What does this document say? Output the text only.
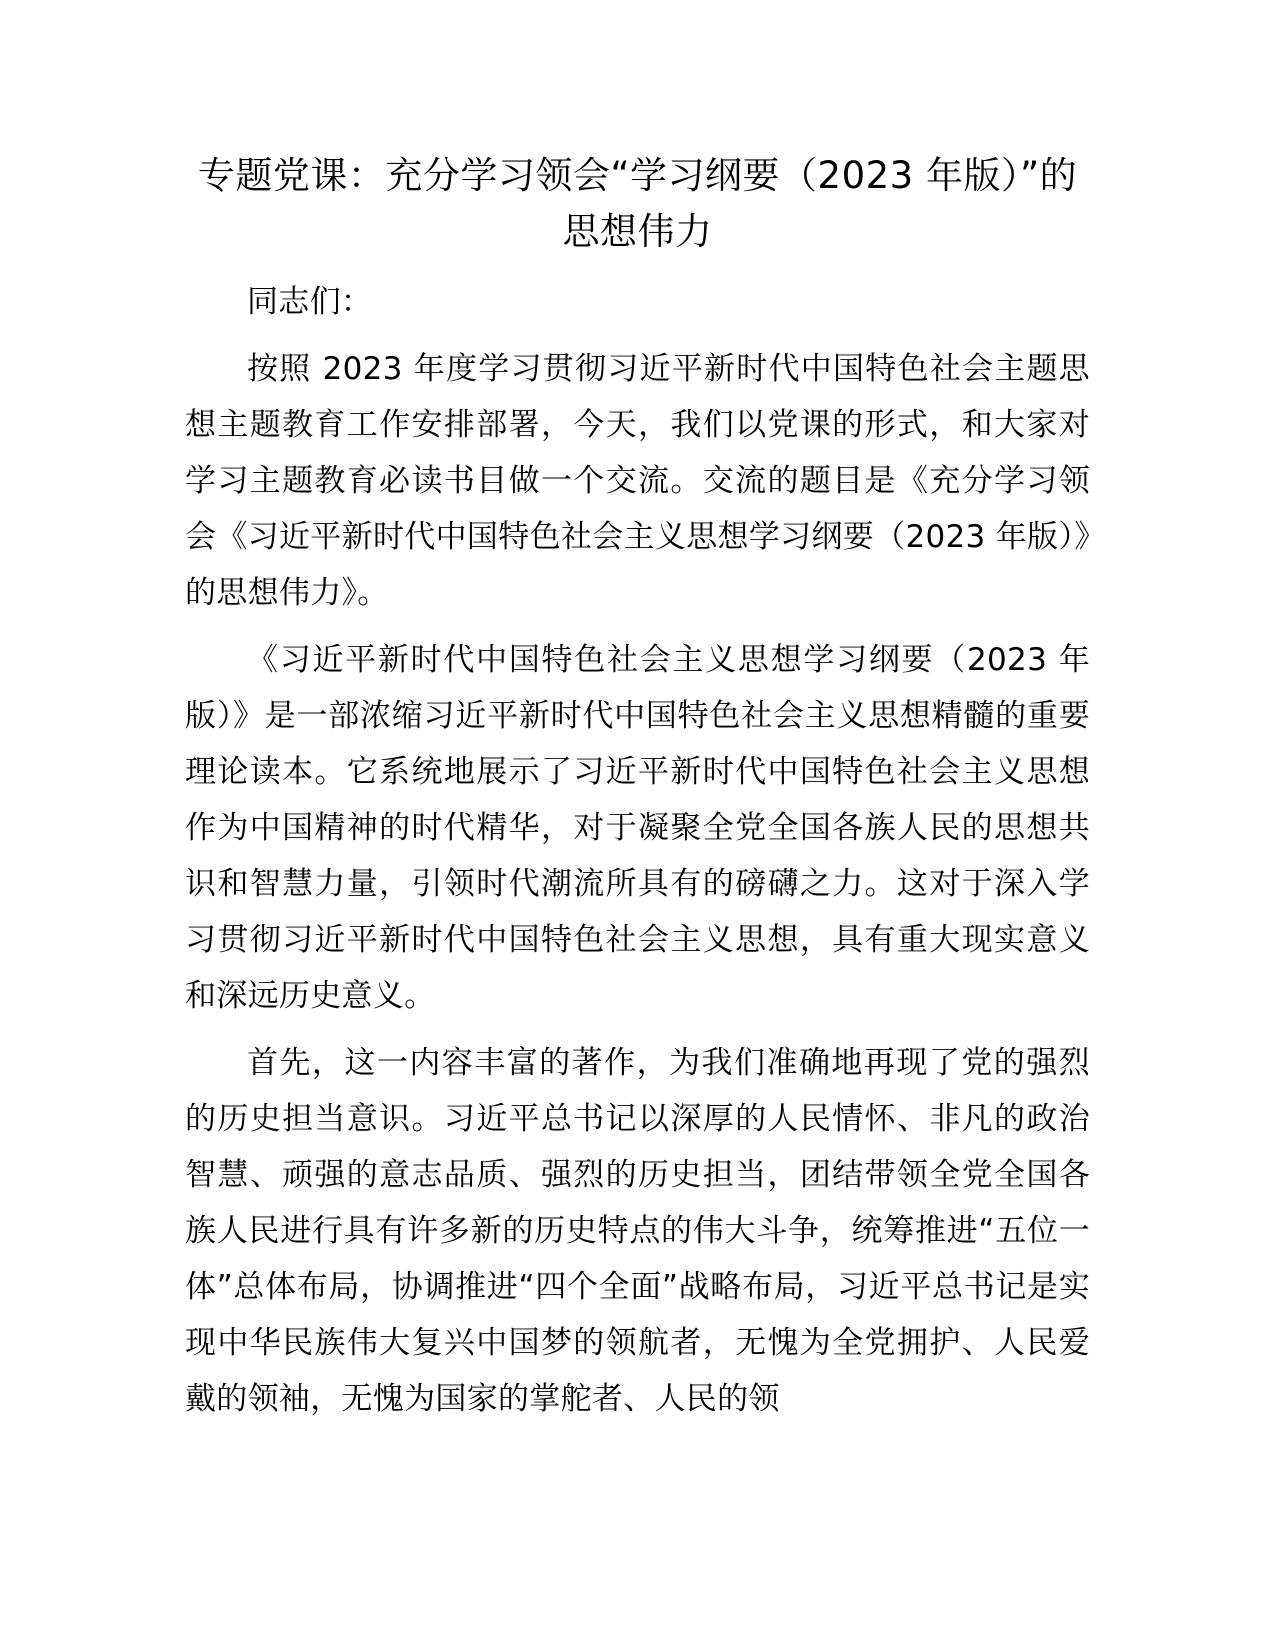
专题党课：充分学习领会“学习纲要（2023 年版）”的思想伟力

同志们：

按照 2023 年度学习贯彻习近平新时代中国特色社会主题思想主题教育工作安排部署，今天，我们以党课的形式，和大家对学习主题教育必读书目做一个交流。交流的题目是《充分学习领会《习近平新时代中国特色社会主义思想学习纲要（2023 年版）》的思想伟力》。

《习近平新时代中国特色社会主义思想学习纲要（2023 年版）》是一部浓缩习近平新时代中国特色社会主义思想精髓的重要理论读本。它系统地展示了习近平新时代中国特色社会主义思想作为中国精神的时代精华，对于凝聚全党全国各族人民的思想共识和智慧力量，引领时代潮流所具有的磅礴之力。这对于深入学习贯彻习近平新时代中国特色社会主义思想，具有重大现实意义和深远历史意义。

首先，这一内容丰富的著作，为我们准确地再现了党的强烈的历史担当意识。习近平总书记以深厚的人民情怀、非凡的政治智慧、顽强的意志品质、强烈的历史担当，团结带领全党全国各族人民进行具有许多新的历史特点的伟大斗争，统筹推进“五位一体”总体布局，协调推进“四个全面”战略布局，习近平总书记是实现中华民族伟大复兴中国梦的领航者，无愧为全党拥护、人民爱戴的领袖，无愧为国家的掌舵者、人民的领
